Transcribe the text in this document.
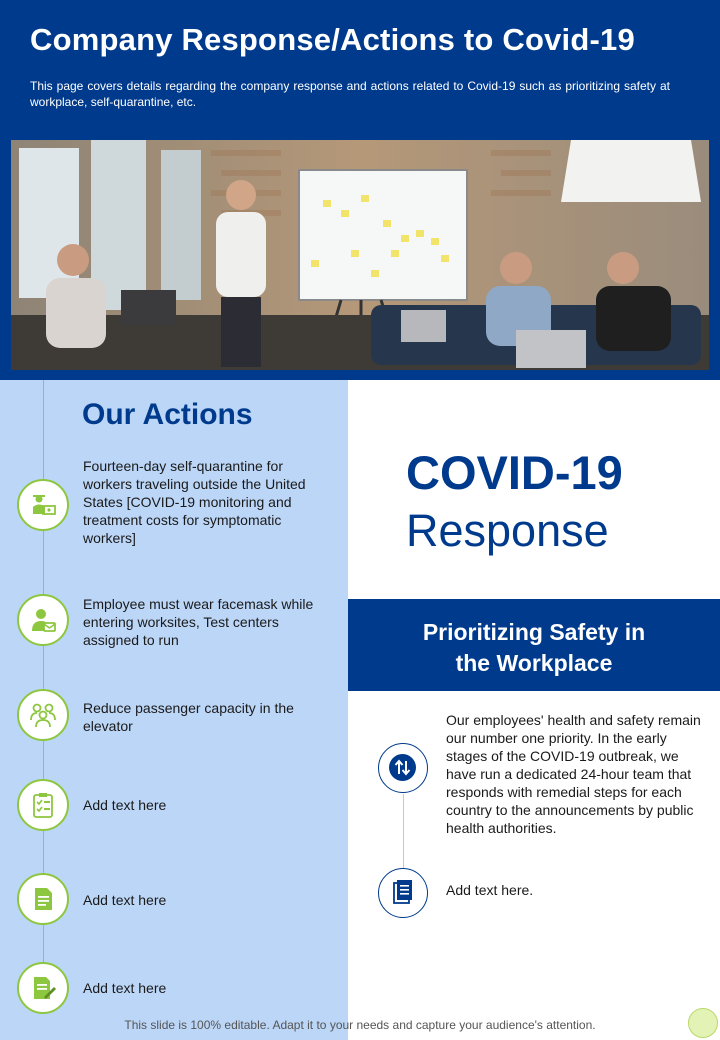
Company Response/Actions to Covid-19

This page covers details regarding the company response and actions related to Covid-19 such as prioritizing safety at workplace, self-quarantine, etc.

Our Actions

Fourteen-day self-quarantine for workers traveling outside the United States [COVID-19 monitoring and treatment costs for symptomatic workers]

Employee must wear facemask while entering worksites, Test centers assigned to run

Reduce passenger capacity in the elevator

Add text here

Add text here

Add text here

COVID-19

Response

Prioritizing Safety in
the Workplace

Our employees' health and safety remain our number one priority. In the early stages of the COVID-19 outbreak, we have run a dedicated 24-hour team that responds with remedial steps for each country to the announcements by public health authorities.

Add text here.

This slide is 100% editable. Adapt it to your needs and capture your audience's attention.
